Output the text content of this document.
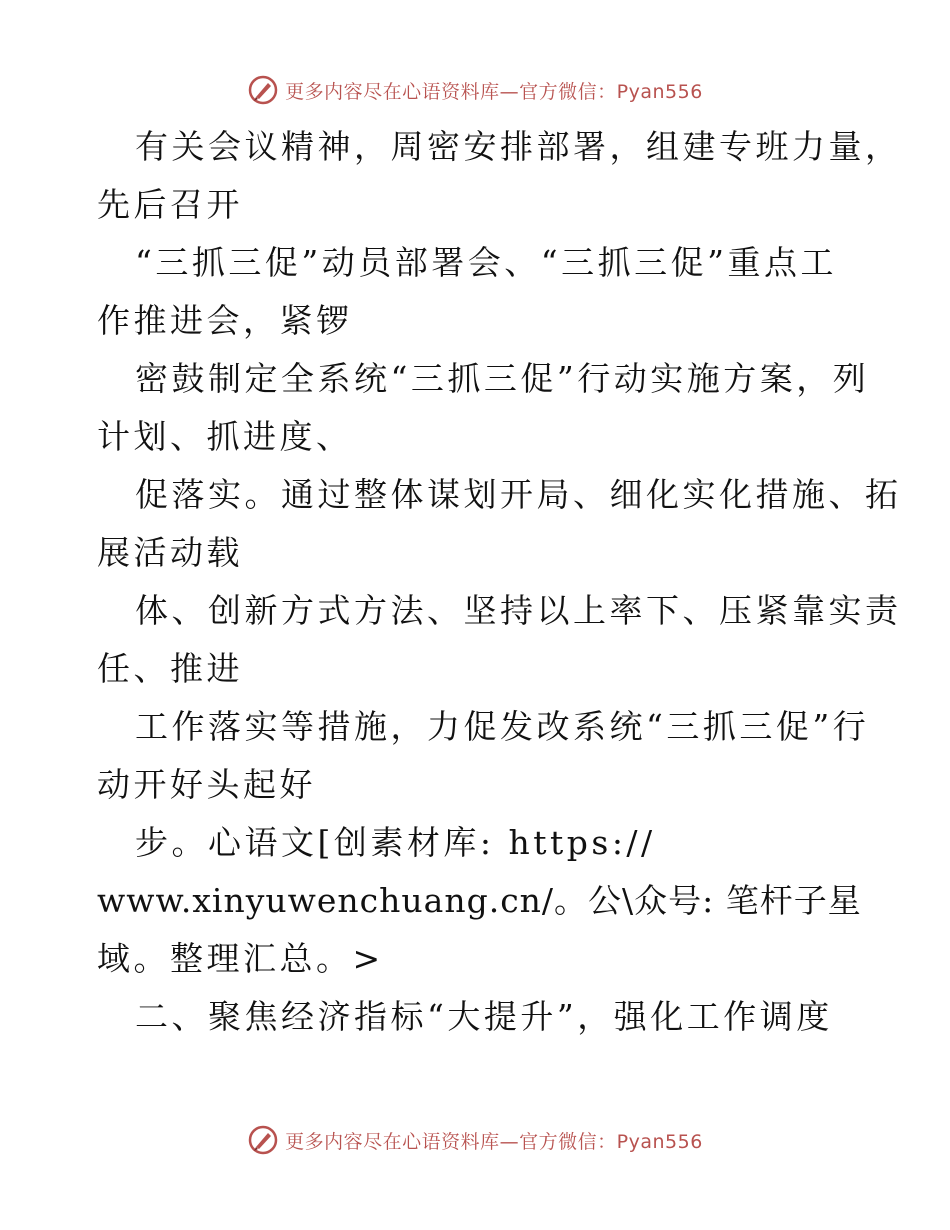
更多内容尽在心语资料库—官方微信：Pyan556
有关会议精神，周密安排部署，组建专班力量，
先后召开
“三抓三促”动员部署会、“三抓三促”重点工
作推进会，紧锣
密鼓制定全系统“三抓三促”行动实施方案，列
计划、抓进度、
促落实。通过整体谋划开局、细化实化措施、拓
展活动载
体、创新方式方法、坚持以上率下、压紧靠实责
任、推进
工作落实等措施，力促发改系统“三抓三促”行
动开好头起好
步。心语文[创素材库: https://
www.xinyuwenchuang.cn/。公\众号: 笔杆子星
域。整理汇总。>
二、聚焦经济指标“大提升”，强化工作调度
更多内容尽在心语资料库—官方微信：Pyan556
